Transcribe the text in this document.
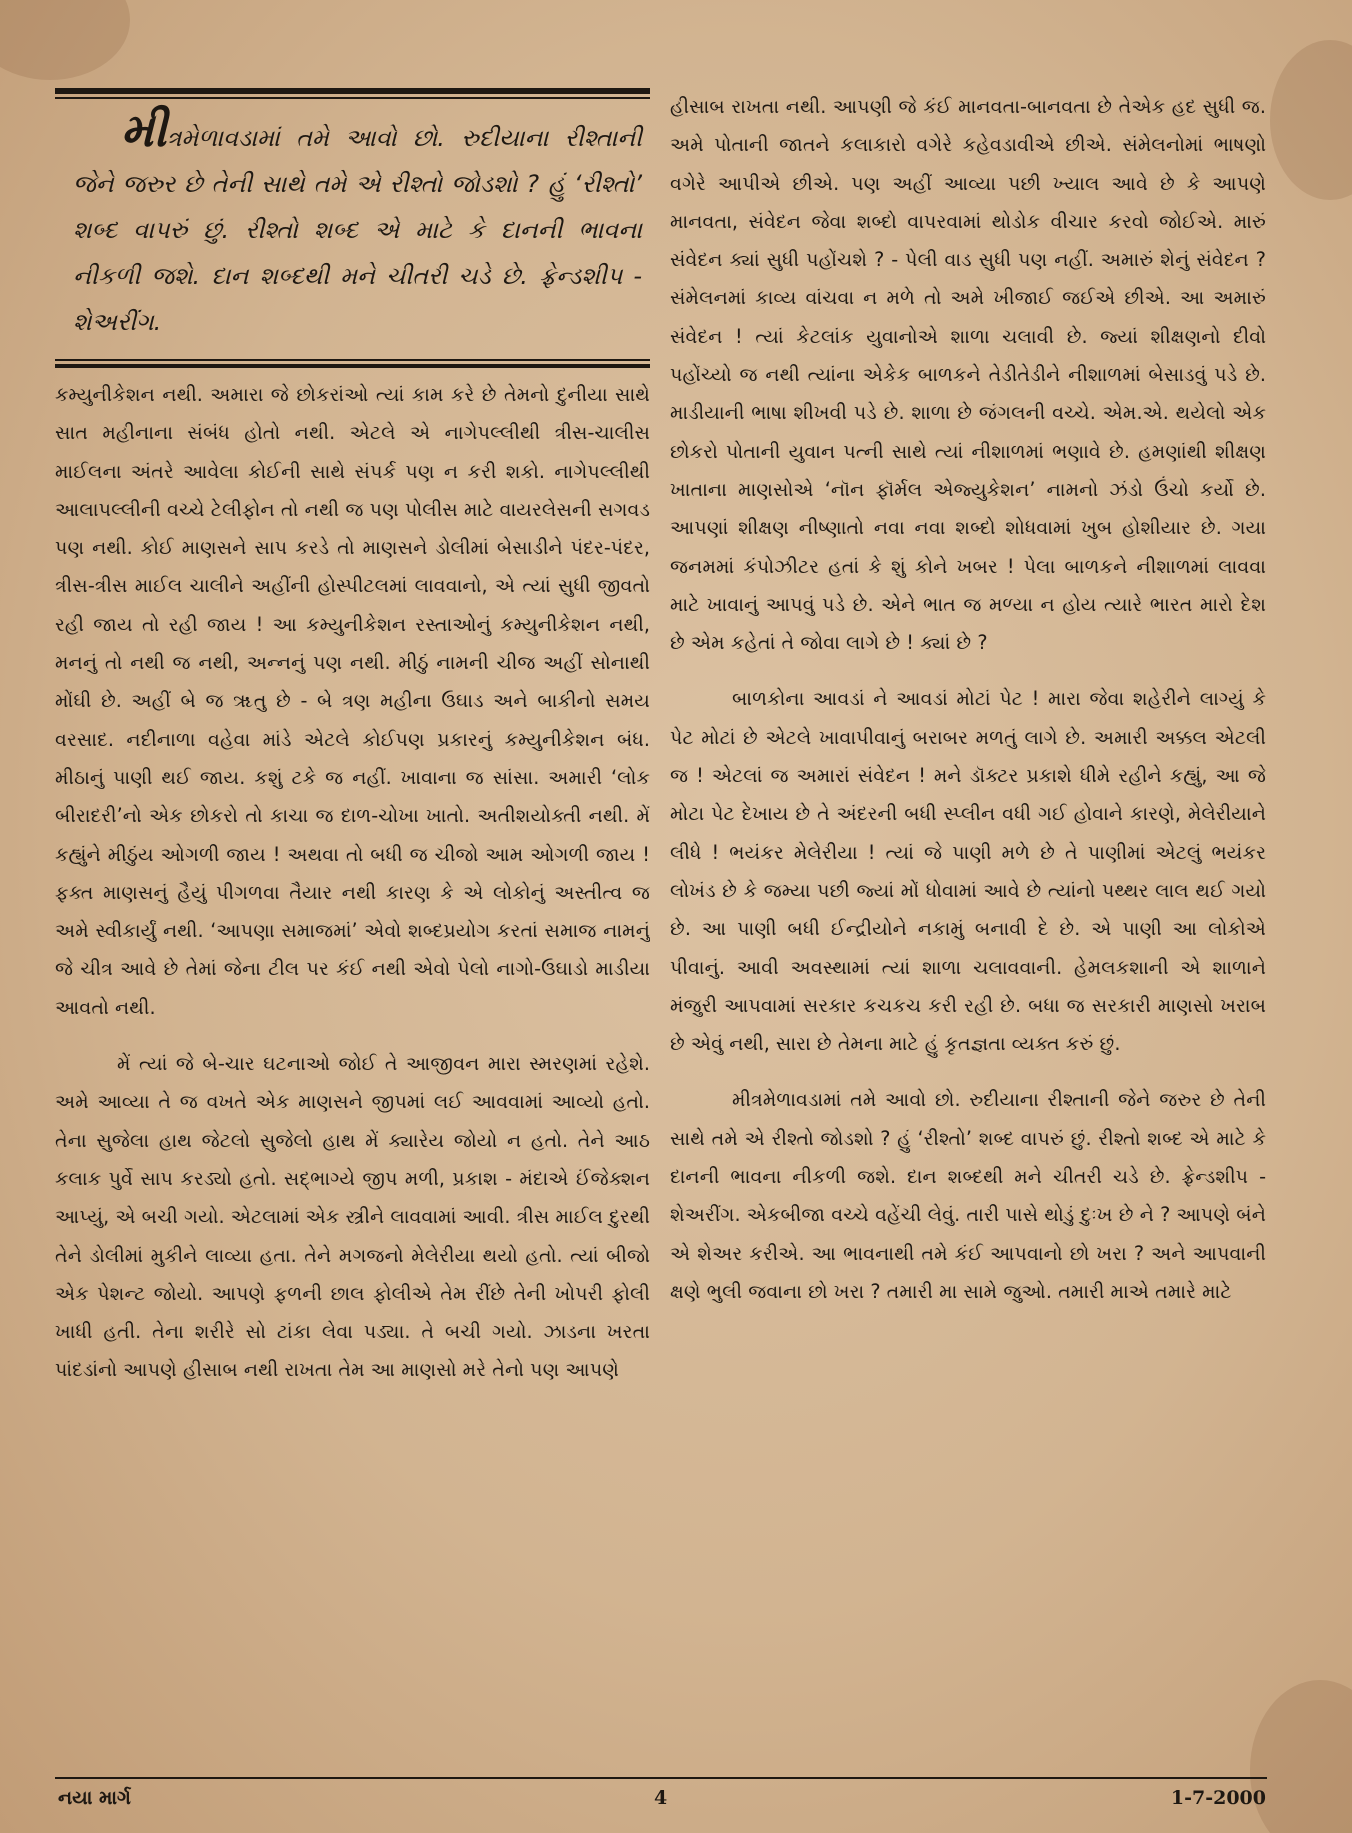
મીત્રમેળાવડામાં તમે આવો છો. રુદીયાના રીશ્તાની જેને જરુર છે તેની સાથે તમે એ રીશ્તો જોડશો ? હું ‘રીશ્તો’ શબ્દ વાપરું છું. રીશ્તો શબ્દ એ માટે કે દાનની ભાવના નીકળી જશે. દાન શબ્દથી મને ચીતરી ચડે છે. ફ્રેન્ડશીપ - શેઅરીંગ.

કમ્યુનીકેશન નથી. અમારા જે છોકરાંઓ ત્યાં કામ કરે છે તેમનો દુનીયા સાથે સાત મહીનાના સંબંધ હોતો નથી. એટલે એ નાગેપલ્લીથી ત્રીસ-ચાલીસ માઈલના અંતરે આવેલા કોઈની સાથે સંપર્ક પણ ન કરી શકો. નાગેપલ્લીથી આલાપલ્લીની વચ્ચે ટેલીફોન તો નથી જ પણ પોલીસ માટે વાયરલેસની સગવડ પણ નથી. કોઈ માણસને સાપ કરડે તો માણસને ડોલીમાં બેસાડીને પંદર-પંદર, ત્રીસ-ત્રીસ માઈલ ચાલીને અહીંની હોસ્પીટલમાં લાવવાનો, એ ત્યાં સુધી જીવતો રહી જાય તો રહી જાય ! આ કમ્યુનીકેશન રસ્તાઓનું કમ્યુનીકેશન નથી, મનનું તો નથી જ નથી, અન્નનું પણ નથી. મીઠું નામની ચીજ અહીં સોનાથી મોંઘી છે. અહીં બે જ ૠતુ છે - બે ત્રણ મહીના ઉઘાડ અને બાકીનો સમય વરસાદ. નદીનાળા વહેવા માંડે એટલે કોઈપણ પ્રકારનું કમ્યુનીકેશન બંધ. મીઠાનું પાણી થઈ જાય. કશું ટકે જ નહીં. ખાવાના જ સાંસા. અમારી ‘લોક બીરાદરી’નો એક છોકરો તો કાચા જ દાળ-ચોખા ખાતો. અતીશયોક્તી નથી. મેં કહ્યુંને મીઠુંય ઓગળી જાય ! અથવા તો બધી જ ચીજો આમ ઓગળી જાય ! ફક્ત માણસનું હૈયું પીગળવા તૈયાર નથી કારણ કે એ લોકોનું અસ્તીત્વ જ અમે સ્વીકાર્યું નથી. ‘આપણા સમાજમાં’ એવો શબ્દપ્રયોગ કરતાં સમાજ નામનું જે ચીત્ર આવે છે તેમાં જેના ટીલ પર કંઈ નથી એવો પેલો નાગો-ઉઘાડો માડીયા આવતો નથી.

મેં ત્યાં જે બે-ચાર ઘટનાઓ જોઈ તે આજીવન મારા સ્મરણમાં રહેશે. અમે આવ્યા તે જ વખતે એક માણસને જીપમાં લઈ આવવામાં આવ્યો હતો. તેના સુજેલા હાથ જેટલો સુજેલો હાથ મેં ક્યારેય જોયો ન હતો. તેને આઠ કલાક પુર્વે સાપ કરડ્યો હતો. સદ્‌ભાગ્યે જીપ મળી, પ્રકાશ - મંદાએ ઈંજેક્શન આપ્યું, એ બચી ગયો. એટલામાં એક સ્ત્રીને લાવવામાં આવી. ત્રીસ માઈલ દુરથી તેને ડોલીમાં મુકીને લાવ્યા હતા. તેને મગજનો મેલેરીયા થયો હતો. ત્યાં બીજો એક પેશન્ટ જોયો. આપણે ફળની છાલ ફોલીએ તેમ રીંછે તેની ખોપરી ફોલી ખાધી હતી. તેના શરીરે સો ટાંકા લેવા પડ્યા. તે બચી ગયો. ઝાડના ખરતા પાંદડાંનો આપણે હીસાબ નથી રાખતા તેમ આ માણસો મરે તેનો પણ આપણે

હીસાબ રાખતા નથી. આપણી જે કંઈ માનવતા-બાનવતા છે તેએક હદ સુધી જ. અમે પોતાની જાતને કલાકારો વગેરે કહેવડાવીએ છીએ. સંમેલનોમાં ભાષણો વગેરે આપીએ છીએ. પણ અહીં આવ્યા પછી ખ્યાલ આવે છે કે આપણે માનવતા, સંવેદન જેવા શબ્દો વાપરવામાં થોડોક વીચાર કરવો જોઈએ. મારું સંવેદન ક્યાં સુધી પહોંચશે ? - પેલી વાડ સુધી પણ નહીં. અમારું શેનું સંવેદન ? સંમેલનમાં કાવ્ય વાંચવા ન મળે તો અમે ખીજાઈ જઈએ છીએ. આ અમારું સંવેદન ! ત્યાં કેટલાંક યુવાનોએ શાળા ચલાવી છે. જ્યાં શીક્ષણનો દીવો પહોંચ્યો જ નથી ત્યાંના એકેક બાળકને તેડીતેડીને નીશાળમાં બેસાડવું પડે છે. માડીયાની ભાષા શીખવી પડે છે. શાળા છે જંગલની વચ્ચે. એમ.એ. થયેલો એક છોકરો પોતાની યુવાન પત્ની સાથે ત્યાં નીશાળમાં ભણાવે છે. હમણાંથી શીક્ષણ ખાતાના માણસોએ ‘નૉન ફૉર્મલ એજ્યુકેશન’ નામનો ઝંડો ઉંચો કર્યો છે. આપણાં શીક્ષણ નીષ્ણાતો નવા નવા શબ્દો શોધવામાં ખુબ હોશીયાર છે. ગયા જનમમાં કંપોઝીટર હતાં કે શું કોને ખબર ! પેલા બાળકને નીશાળમાં લાવવા માટે ખાવાનું આપવું પડે છે. એને ભાત જ મળ્યા ન હોય ત્યારે ભારત મારો દેશ છે એમ કહેતાં તે જોવા લાગે છે ! ક્યાં છે ?

બાળકોના આવડાં ને આવડાં મોટાં પેટ ! મારા જેવા શહેરીને લાગ્યું કે પેટ મોટાં છે એટલે ખાવાપીવાનું બરાબર મળતું લાગે છે. અમારી અક્કલ એટલી જ ! એટલાં જ અમારાં સંવેદન ! મને ડૉક્ટર પ્રકાશે ધીમે રહીને કહ્યું, આ જે મોટા પેટ દેખાય છે તે અંદરની બધી સ્પ્લીન વધી ગઈ હોવાને કારણે, મેલેરીયાને લીધે ! ભયંકર મેલેરીયા ! ત્યાં જે પાણી મળે છે તે પાણીમાં એટલું ભયંકર લોખંડ છે કે જમ્યા પછી જ્યાં મોં ધોવામાં આવે છે ત્યાંનો પથ્થર લાલ થઈ ગયો છે. આ પાણી બધી ઈન્દ્રીયોને નકામું બનાવી દે છે. એ પાણી આ લોકોએ પીવાનું. આવી અવસ્થામાં ત્યાં શાળા ચલાવવાની. હેમલકશાની એ શાળાને મંજુરી આપવામાં સરકાર કચકચ કરી રહી છે. બધા જ સરકારી માણસો ખરાબ છે એવું નથી, સારા છે તેમના માટે હું કૃતજ્ઞતા વ્યક્ત કરું છું.

મીત્રમેળાવડામાં તમે આવો છો. રુદીયાના રીશ્તાની જેને જરુર છે તેની સાથે તમે એ રીશ્તો જોડશો ? હું ‘રીશ્તો’ શબ્દ વાપરું છું. રીશ્તો શબ્દ એ માટે કે દાનની ભાવના નીકળી જશે. દાન શબ્દથી મને ચીતરી ચડે છે. ફ્રેન્ડશીપ - શેઅરીંગ. એકબીજા વચ્ચે વહેંચી લેવું. તારી પાસે થોડું દુઃખ છે ને ? આપણે બંને એ શેઅર કરીએ. આ ભાવનાથી તમે કંઈ આપવાનો છો ખરા ? અને આપવાની ક્ષણે ભુલી જવાના છો ખરા ? તમારી મા સામે જુઓ. તમારી માએ તમારે માટે

નયા માર્ગ	4	1-7-2000
